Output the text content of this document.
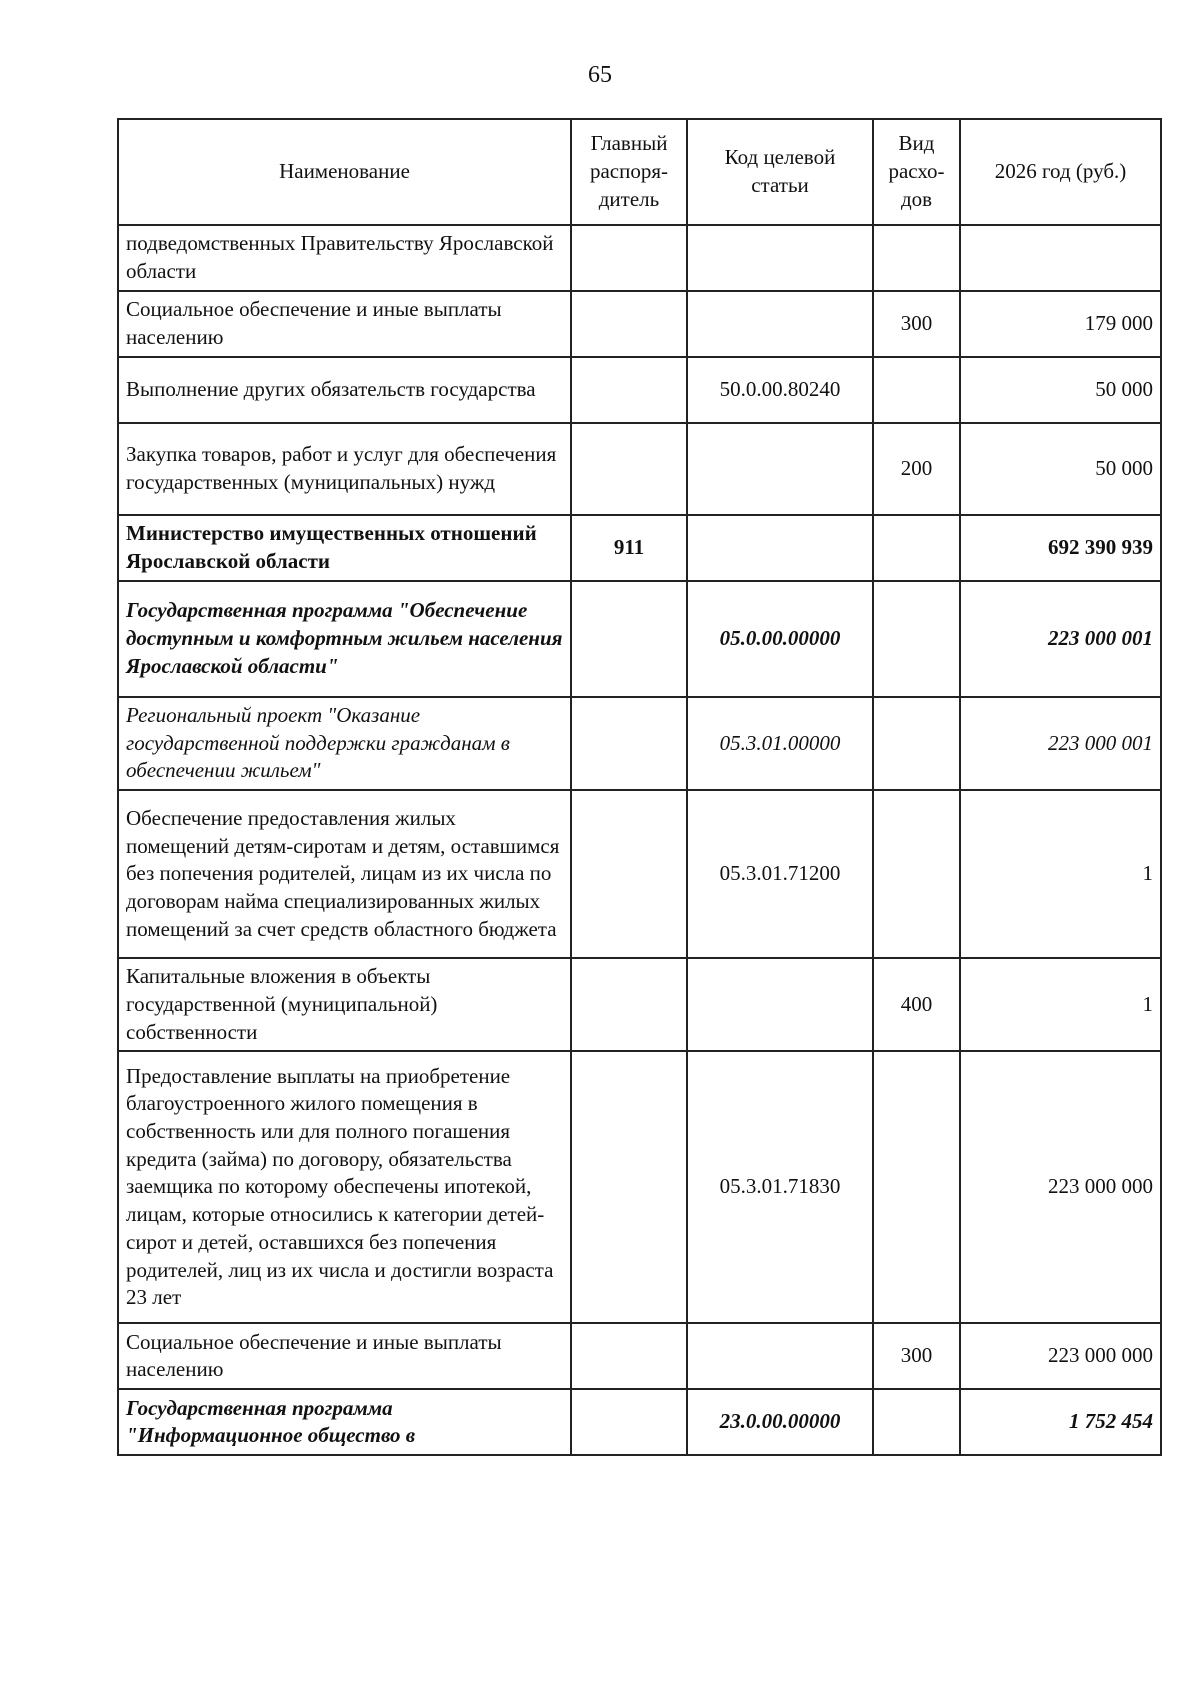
65
Наименование	Главный распоря-дитель	Код целевой статьи	Вид расхо-дов	2026 год (руб.)
подведомственных Правительству Ярославской области				
Социальное обеспечение и иные выплаты населению			300	179 000
Выполнение других обязательств государства		50.0.00.80240		50 000
Закупка товаров, работ и услуг для обеспечения государственных (муниципальных) нужд			200	50 000
Министерство имущественных отношений Ярославской области	911			692 390 939
Государственная программа "Обеспечение доступным и комфортным жильем населения Ярославской области"		05.0.00.00000		223 000 001
Региональный проект "Оказание государственной поддержки гражданам в обеспечении жильем"		05.3.01.00000		223 000 001
Обеспечение предоставления жилых помещений детям-сиротам и детям, оставшимся без попечения родителей, лицам из их числа по договорам найма специализированных жилых помещений за счет средств областного бюджета		05.3.01.71200		1
Капитальные вложения в объекты государственной (муниципальной) собственности			400	1
Предоставление выплаты на приобретение благоустроенного жилого помещения в собственность или для полного погашения кредита (займа) по договору, обязательства заемщика по которому обеспечены ипотекой, лицам, которые относились к категории детей-сирот и детей, оставшихся без попечения родителей, лиц из их числа и достигли возраста 23 лет		05.3.01.71830		223 000 000
Социальное обеспечение и иные выплаты населению			300	223 000 000
Государственная программа "Информационное общество в		23.0.00.00000		1 752 454
